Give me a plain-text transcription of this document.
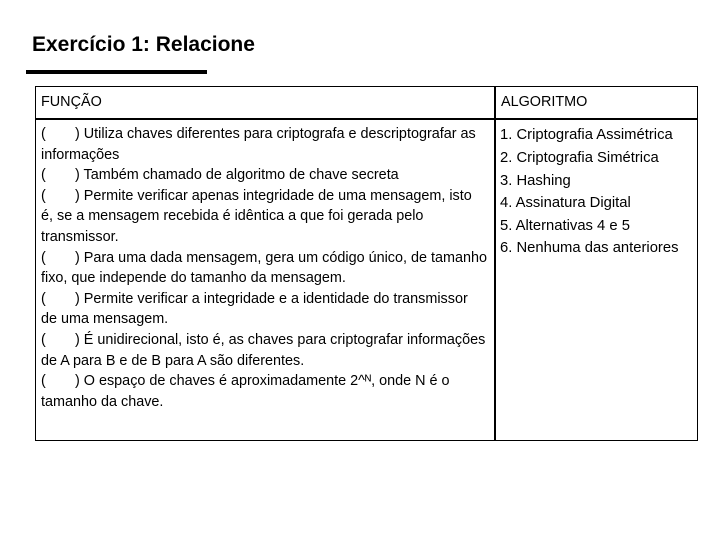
Exercício 1: Relacione
FUNÇÃO	ALGORITMO

( ) Utiliza chaves diferentes para criptografa e descriptografar as informações

( ) Também chamado de algoritmo de chave secreta

( ) Permite verificar apenas integridade de uma mensagem, isto é, se a mensagem recebida é idêntica a que foi gerada pelo transmissor.

( ) Para uma dada mensagem, gera um código único, de tamanho fixo, que independe do tamanho da mensagem.

( ) Permite verificar a integridade e a identidade do transmissor de uma mensagem.

( ) É unidirecional, isto é, as chaves para criptografar informações de A para B e de B para A são diferentes.

( ) O espaço de chaves é aproximadamente 2^ᴺ, onde N é o tamanho da chave.

1. Criptografia Assimétrica
2. Criptografia Simétrica
3. Hashing
4. Assinatura Digital
5. Alternativas 4 e 5
6. Nenhuma das anteriores
